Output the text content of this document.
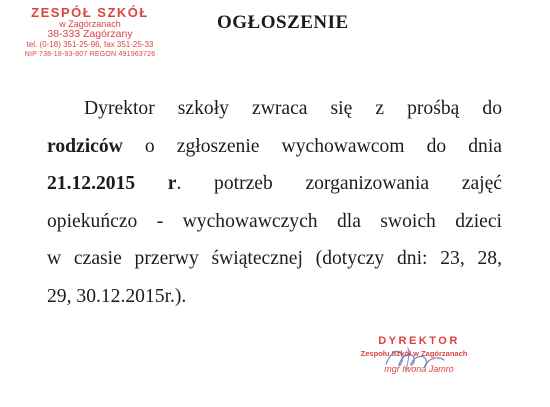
ZESPÓŁ SZKÓŁ
w Zagórzanach
38-333 Zagórzany
tel. (0-18) 351-25-96, fax 351-25-33
NIP 738-18-93-807 REGON 491963726
OGŁOSZENIE
Dyrektor szkoły zwraca się z prośbą do
rodziców o zgłoszenie wychowawcom do dnia
21.12.2015 r. potrzeb zorganizowania zajęć
opiekuńczo - wychowawczych dla swoich dzieci
w czasie przerwy świątecznej (dotyczy dni: 23, 28,
29, 30.12.2015r.).
DYREKTOR
Zespołu Szkół w Zagórzanach
mgr Iwona Jamro
